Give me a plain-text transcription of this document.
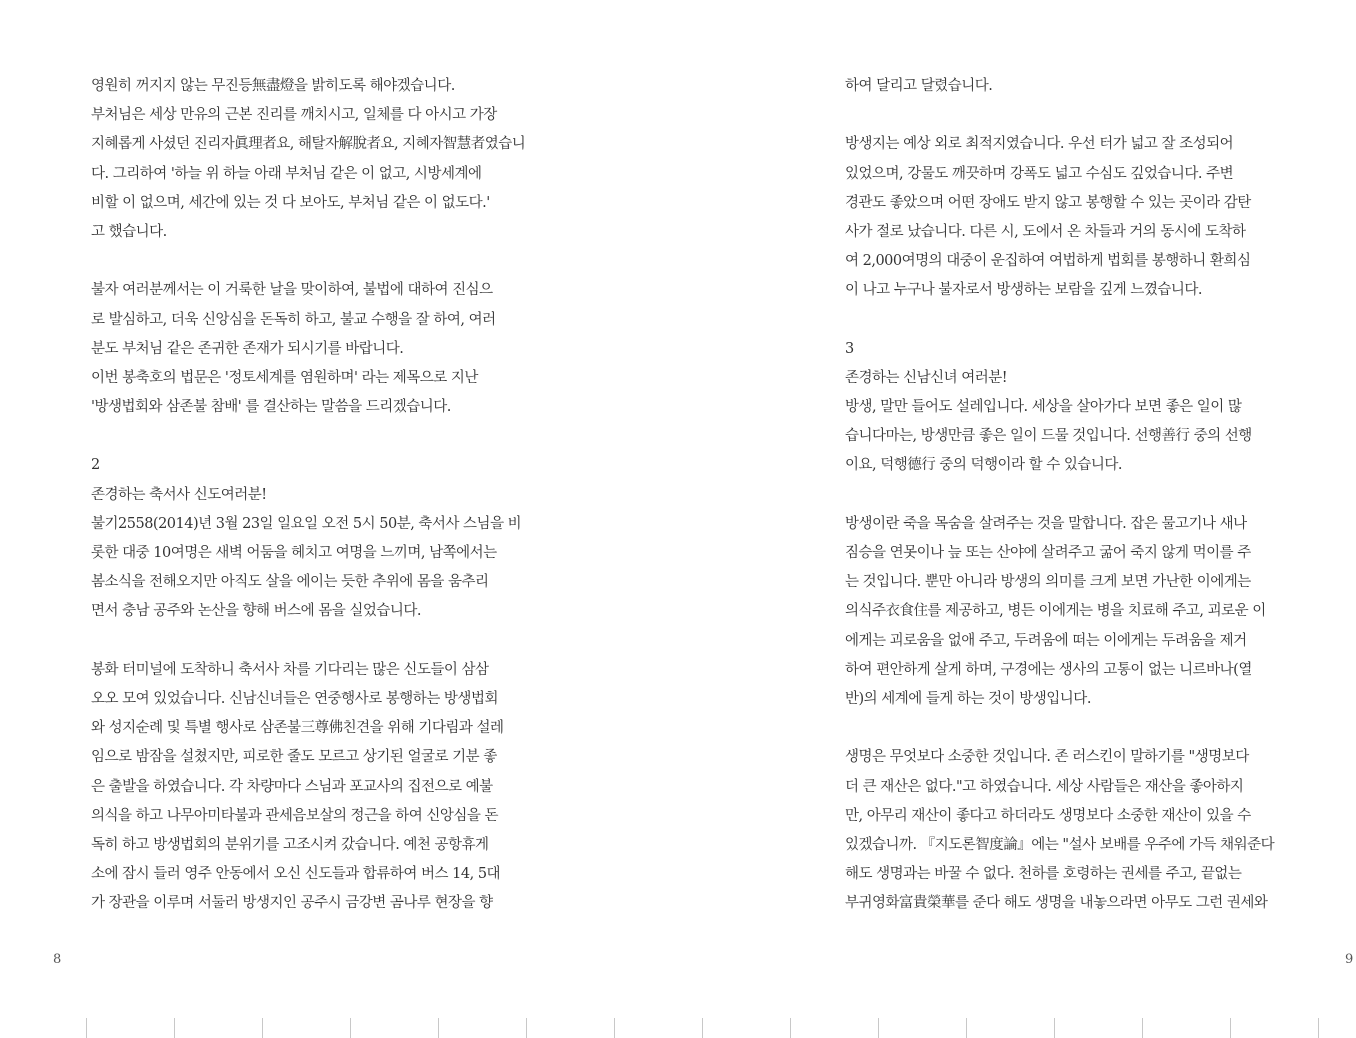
영원히 꺼지지 않는 무진등無盡燈을 밝히도록 해야겠습니다.
부처님은 세상 만유의 근본 진리를 깨치시고, 일체를 다 아시고 가장
지혜롭게 사셨던 진리자眞理者요, 해탈자解脫者요, 지혜자智慧者였습니
다. 그리하여 '하늘 위 하늘 아래 부처님 같은 이 없고, 시방세계에
비할 이 없으며, 세간에 있는 것 다 보아도, 부처님 같은 이 없도다.'
고 했습니다.
불자 여러분께서는 이 거룩한 날을 맞이하여, 불법에 대하여 진심으
로 발심하고, 더욱 신앙심을 돈독히 하고, 불교 수행을 잘 하여, 여러
분도 부처님 같은 존귀한 존재가 되시기를 바랍니다.
이번 봉축호의 법문은 '정토세계를 염원하며' 라는 제목으로 지난
'방생법회와 삼존불 참배' 를 결산하는 말씀을 드리겠습니다.
2
존경하는 축서사 신도여러분!
불기2558(2014)년 3월 23일 일요일 오전 5시 50분, 축서사 스님을 비
롯한 대중 10여명은 새벽 어둠을 헤치고 여명을 느끼며, 남쪽에서는
봄소식을 전해오지만 아직도 살을 에이는 듯한 추위에 몸을 움추리
면서 충남 공주와 논산을 향해 버스에 몸을 실었습니다.
봉화 터미널에 도착하니 축서사 차를 기다리는 많은 신도들이 삼삼
오오 모여 있었습니다. 신남신녀들은 연중행사로 봉행하는 방생법회
와 성지순례 및 특별 행사로 삼존불三尊佛친견을 위해 기다림과 설레
임으로 밤잠을 설쳤지만, 피로한 줄도 모르고 상기된 얼굴로 기분 좋
은 출발을 하였습니다. 각 차량마다 스님과 포교사의 집전으로 예불
의식을 하고 나무아미타불과 관세음보살의 정근을 하여 신앙심을 돈
독히 하고 방생법회의 분위기를 고조시켜 갔습니다. 예천 공항휴게
소에 잠시 들러 영주 안동에서 오신 신도들과 합류하여 버스 14, 5대
가 장관을 이루며 서둘러 방생지인 공주시 금강변 곰나루 현장을 향
하여 달리고 달렸습니다.
방생지는 예상 외로 최적지였습니다. 우선 터가 넓고 잘 조성되어
있었으며, 강물도 깨끗하며 강폭도 넓고 수심도 깊었습니다. 주변
경관도 좋았으며 어떤 장애도 받지 않고 봉행할 수 있는 곳이라 감탄
사가 절로 났습니다. 다른 시, 도에서 온 차들과 거의 동시에 도착하
여 2,000여명의 대중이 운집하여 여법하게 법회를 봉행하니 환희심
이 나고 누구나 불자로서 방생하는 보람을 깊게 느꼈습니다.
3
존경하는 신남신녀 여러분!
방생, 말만 들어도 설레입니다. 세상을 살아가다 보면 좋은 일이 많
습니다마는, 방생만큼 좋은 일이 드물 것입니다. 선행善行 중의 선행
이요, 덕행德行 중의 덕행이라 할 수 있습니다.
방생이란 죽을 목숨을 살려주는 것을 말합니다. 잡은 물고기나 새나
짐승을 연못이나 늪 또는 산야에 살려주고 굶어 죽지 않게 먹이를 주
는 것입니다. 뿐만 아니라 방생의 의미를 크게 보면 가난한 이에게는
의식주衣食住를 제공하고, 병든 이에게는 병을 치료해 주고, 괴로운 이
에게는 괴로움을 없애 주고, 두려움에 떠는 이에게는 두려움을 제거
하여 편안하게 살게 하며, 구경에는 생사의 고통이 없는 니르바나(열
반)의 세계에 들게 하는 것이 방생입니다.
생명은 무엇보다 소중한 것입니다. 존 러스킨이 말하기를 "생명보다
더 큰 재산은 없다."고 하였습니다. 세상 사람들은 재산을 좋아하지
만, 아무리 재산이 좋다고 하더라도 생명보다 소중한 재산이 있을 수
있겠습니까. 『지도론智度論』에는 "설사 보배를 우주에 가득 채워준다
해도 생명과는 바꿀 수 없다. 천하를 호령하는 권세를 주고, 끝없는
부귀영화富貴榮華를 준다 해도 생명을 내놓으라면 아무도 그런 권세와
8	9
